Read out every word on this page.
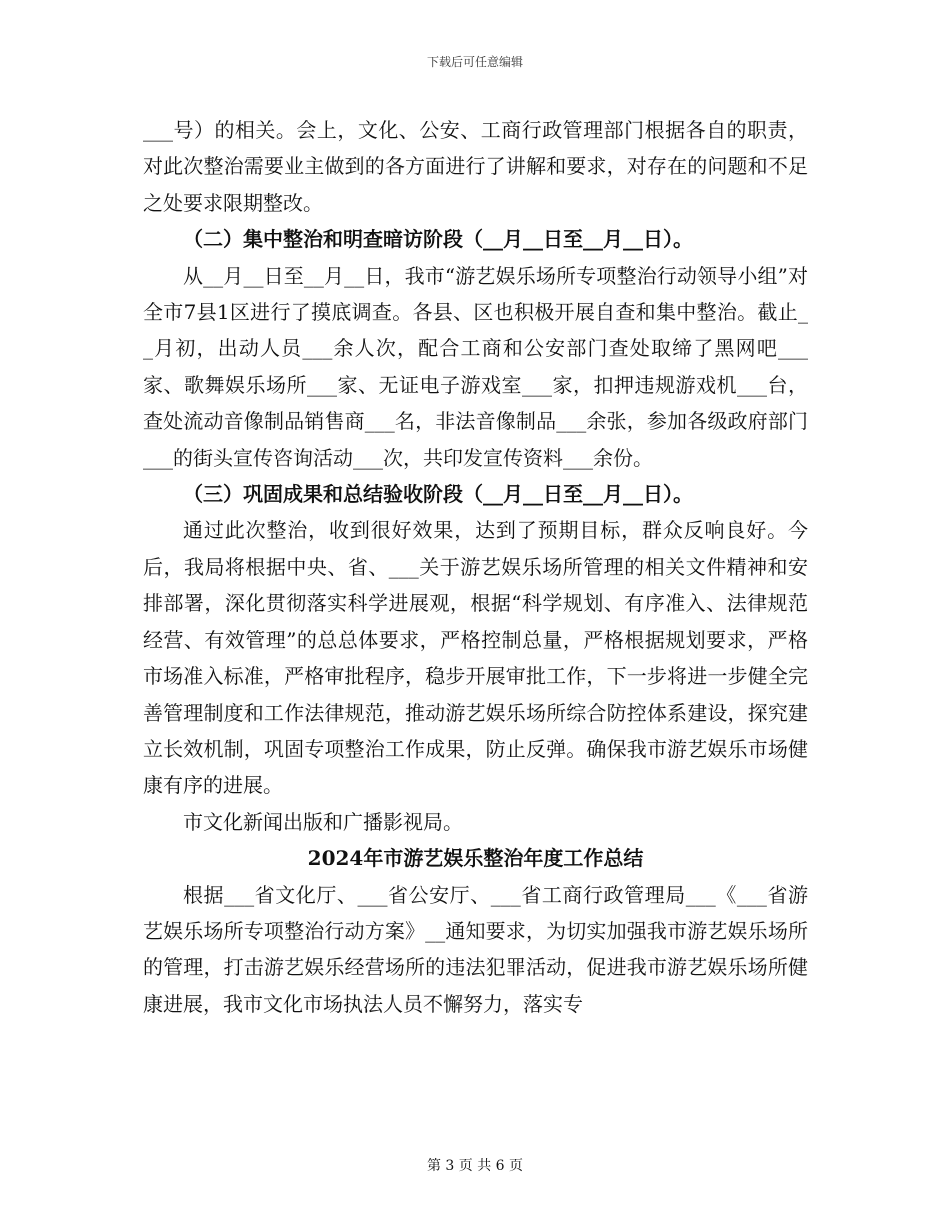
下载后可任意编辑

___号）的相关。会上，文化、公安、工商行政管理部门根据各自的职责，对此次整治需要业主做到的各方面进行了讲解和要求，对存在的问题和不足之处要求限期整改。

（二）集中整治和明查暗访阶段（__月__日至__月__日）。

从__月__日至__月__日，我市“游艺娱乐场所专项整治行动领导小组”对全市7县1区进行了摸底调查。各县、区也积极开展自查和集中整治。截止__月初，出动人员___余人次，配合工商和公安部门查处取缔了黑网吧___家、歌舞娱乐场所___家、无证电子游戏室___家，扣押违规游戏机___台，查处流动音像制品销售商___名，非法音像制品___余张，参加各级政府部门___的街头宣传咨询活动___次，共印发宣传资料___余份。

（三）巩固成果和总结验收阶段（__月__日至__月__日）。

通过此次整治，收到很好效果，达到了预期目标，群众反响良好。今后，我局将根据中央、省、___关于游艺娱乐场所管理的相关文件精神和安排部署，深化贯彻落实科学进展观，根据“科学规划、有序准入、法律规范经营、有效管理”的总总体要求，严格控制总量，严格根据规划要求，严格市场准入标准，严格审批程序，稳步开展审批工作，下一步将进一步健全完善管理制度和工作法律规范，推动游艺娱乐场所综合防控体系建设，探究建立长效机制，巩固专项整治工作成果，防止反弹。确保我市游艺娱乐市场健康有序的进展。

市文化新闻出版和广播影视局。

2024年市游艺娱乐整治年度工作总结

根据___省文化厅、___省公安厅、___省工商行政管理局___《___省游艺娱乐场所专项整治行动方案》__通知要求，为切实加强我市游艺娱乐场所的管理，打击游艺娱乐经营场所的违法犯罪活动，促进我市游艺娱乐场所健康进展，我市文化市场执法人员不懈努力，落实专

第 3 页 共 6 页
